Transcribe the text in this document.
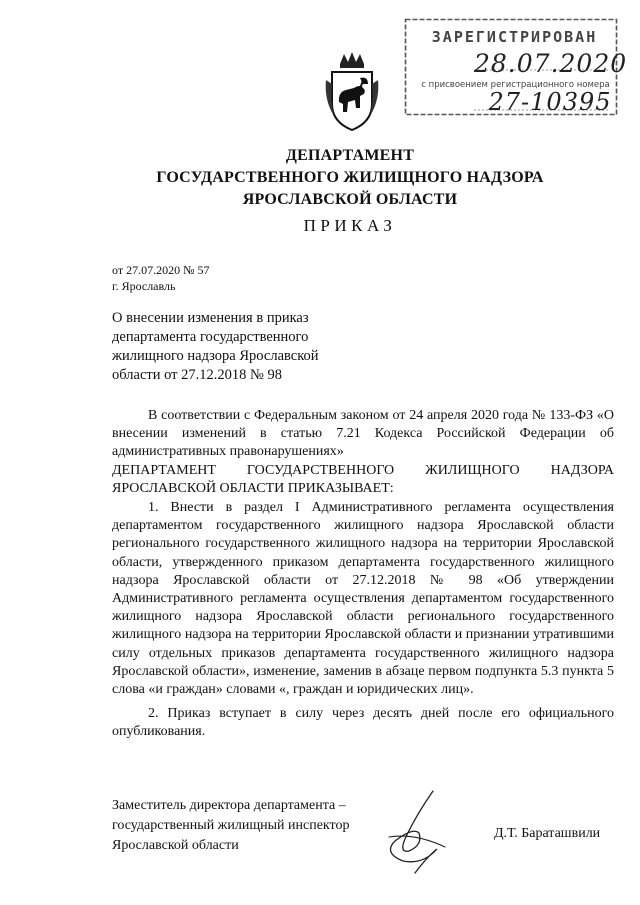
ЗАРЕГИСТРИРОВАН
28.07.2020
с присвоением регистрационного номера
27-10395
ДЕПАРТАМЕНТ
ГОСУДАРСТВЕННОГО ЖИЛИЩНОГО НАДЗОРА
ЯРОСЛАВСКОЙ ОБЛАСТИ
ПРИКАЗ
от 27.07.2020 № 57
г. Ярославль
О внесении изменения в приказ
департамента государственного
жилищного надзора Ярославской
области от 27.12.2018 № 98
В соответствии с Федеральным законом от 24 апреля 2020 года № 133-ФЗ «О внесении изменений в статью 7.21 Кодекса Российской Федерации об административных правонарушениях»
ДЕПАРТАМЕНТ ГОСУДАРСТВЕННОГО ЖИЛИЩНОГО НАДЗОРА
ЯРОСЛАВСКОЙ ОБЛАСТИ ПРИКАЗЫВАЕТ:
1. Внести в раздел I Административного регламента осуществления департаментом государственного жилищного надзора Ярославской области регионального государственного жилищного надзора на территории Ярославской области, утвержденного приказом департамента государственного жилищного надзора Ярославской области от 27.12.2018 № 98 «Об утверждении Административного регламента осуществления департаментом государственного жилищного надзора Ярославской области регионального государственного жилищного надзора на территории Ярославской области и признании утратившими силу отдельных приказов департамента государственного жилищного надзора Ярославской области», изменение, заменив в абзаце первом подпункта 5.3 пункта 5 слова «и граждан» словами «, граждан и юридических лиц».
2. Приказ вступает в силу через десять дней после его официального опубликования.
Заместитель директора департамента –
государственный жилищный инспектор
Ярославской области
Д.Т. Бараташвили
